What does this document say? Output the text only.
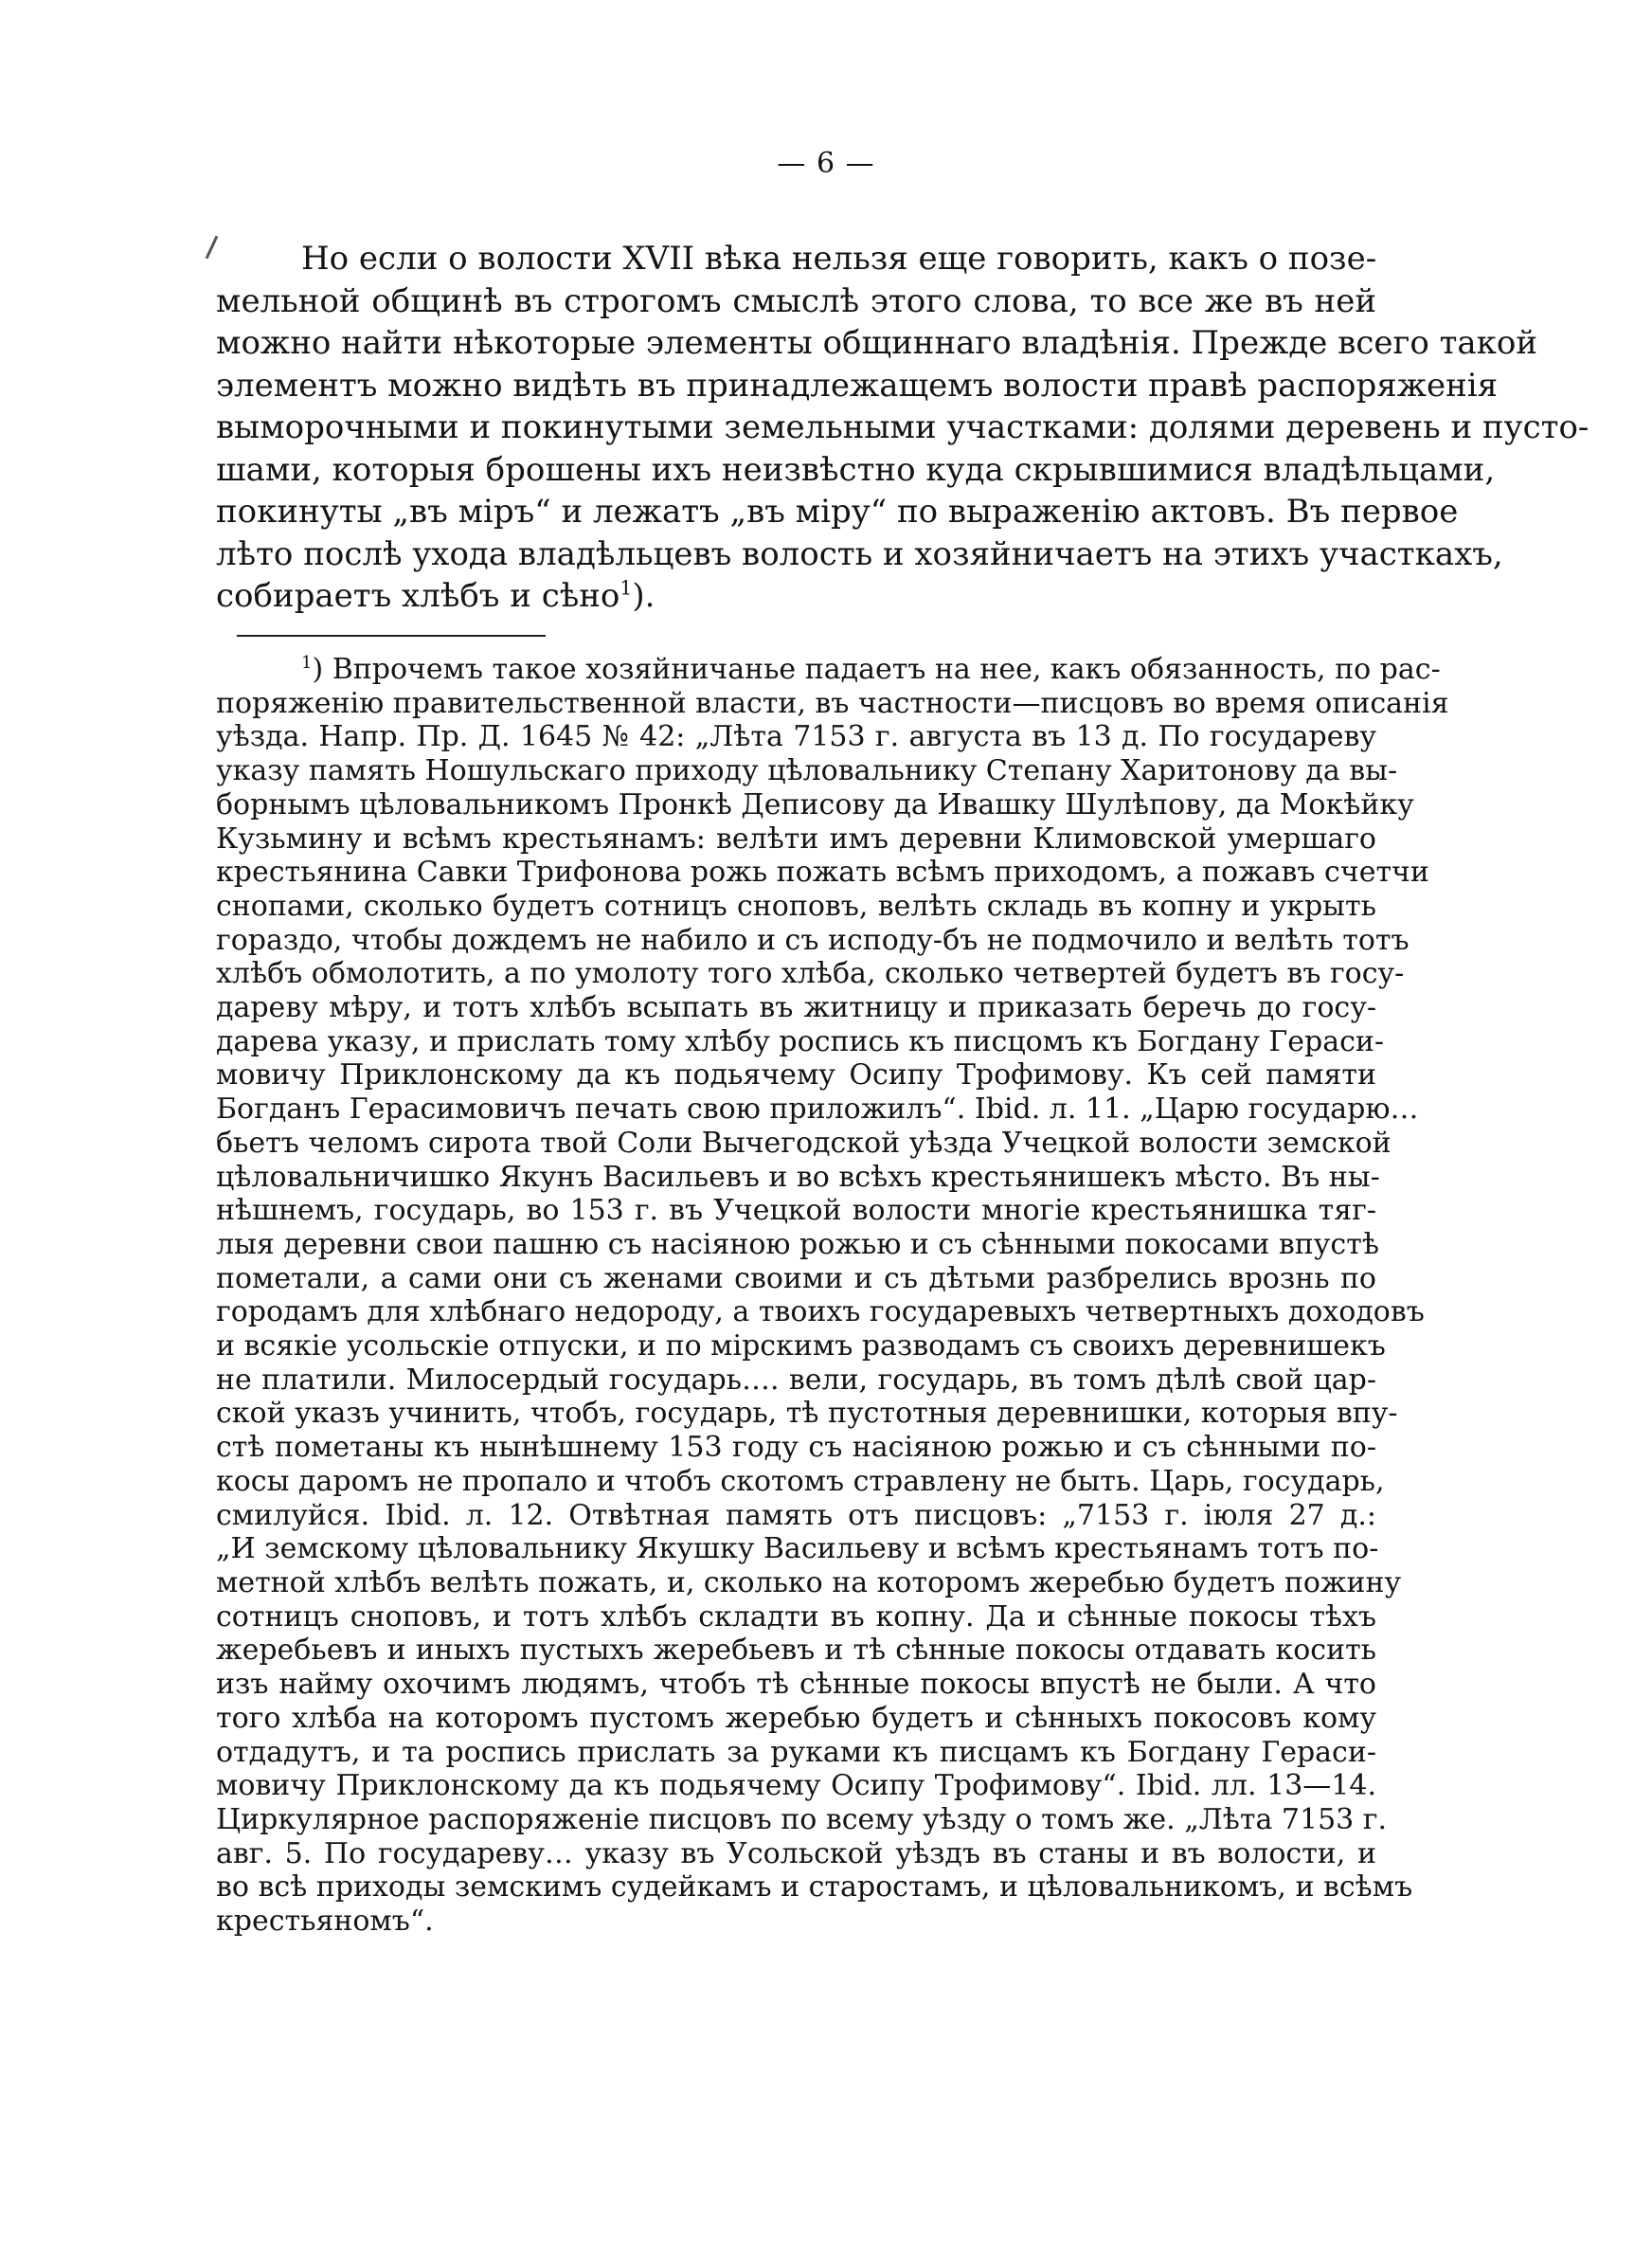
— 6 —
Но если о волости XVII вѣка нельзя еще говорить, какъ о позе-
мельной общинѣ въ строгомъ смыслѣ этого слова, то все же въ ней
можно найти нѣкоторые элементы общиннаго владѣнія. Прежде всего такой
элементъ можно видѣть въ принадлежащемъ волости правѣ распоряженія
выморочными и покинутыми земельными участками: долями деревень и пусто-
шами, которыя брошены ихъ неизвѣстно куда скрывшимися владѣльцами,
покинуты „въ міръ“ и лежатъ „въ міру“ по выраженію актовъ. Въ первое
лѣто послѣ ухода владѣльцевъ волость и хозяйничаетъ на этихъ участкахъ,
собираетъ хлѣбъ и сѣно$^1$).
$^1$) Впрочемъ такое хозяйничанье падаетъ на нее, какъ обязанность, по рас-
поряженію правительственной власти, въ частности—писцовъ во время описанія
уѣзда. Напр. Пр. Д. 1645 № 42: „Лѣта 7153 г. августа въ 13 д. По государеву
указу память Ношульскаго приходу цѣловальнику Степану Харитонову да вы-
борнымъ цѣловальникомъ Пронкѣ Деписову да Ивашку Шулѣпову, да Мокѣйку
Кузьмину и всѣмъ крестьянамъ: велѣти имъ деревни Климовской умершаго
крестьянина Савки Трифонова рожь пожать всѣмъ приходомъ, а пожавъ счетчи
снопами, сколько будетъ сотницъ сноповъ, велѣть складь въ копну и укрыть
гораздо, чтобы дождемъ не набило и съ исподу-бъ не подмочило и велѣть тотъ
хлѣбъ обмолотить, а по умолоту того хлѣба, сколько четвертей будетъ въ госу-
дареву мѣру, и тотъ хлѣбъ всыпать въ житницу и приказать беречь до госу-
дарева указу, и прислать тому хлѣбу роспись къ писцомъ къ Богдану Гераси-
мовичу Приклонскому да къ подьячему Осипу Трофимову. Къ сей памяти
Богданъ Герасимовичъ печать свою приложилъ“. Ibid. л. 11. „Царю государю…
бьетъ челомъ сирота твой Соли Вычегодской уѣзда Учецкой волости земской
цѣловальничишко Якунъ Васильевъ и во всѣхъ крестьянишекъ мѣсто. Въ ны-
нѣшнемъ, государь, во 153 г. въ Учецкой волости многіе крестьянишка тяг-
лыя деревни свои пашню съ насіяною рожью и съ сѣнными покосами впустѣ
пометали, а сами они съ женами своими и съ дѣтьми разбрелись врознь по
городамъ для хлѣбнаго недороду, а твоихъ государевыхъ четвертныхъ доходовъ
и всякіе усольскіе отпуски, и по мірскимъ разводамъ съ своихъ деревнишекъ
не платили. Милосердый государь…. вели, государь, въ томъ дѣлѣ свой цар-
ской указъ учинить, чтобъ, государь, тѣ пустотныя деревнишки, которыя впу-
стѣ пометаны къ нынѣшнему 153 году съ насіяною рожью и съ сѣнными по-
косы даромъ не пропало и чтобъ скотомъ стравлену не быть. Царь, государь,
смилуйся. Ibid. л. 12. Отвѣтная память отъ писцовъ: „7153 г. іюля 27 д.:
„И земскому цѣловальнику Якушку Васильеву и всѣмъ крестьянамъ тотъ по-
метной хлѣбъ велѣть пожать, и, сколько на которомъ жеребью будетъ пожину
сотницъ сноповъ, и тотъ хлѣбъ складти въ копну. Да и сѣнные покосы тѣхъ
жеребьевъ и иныхъ пустыхъ жеребьевъ и тѣ сѣнные покосы отдавать косить
изъ найму охочимъ людямъ, чтобъ тѣ сѣнные покосы впустѣ не были. А что
того хлѣба на которомъ пустомъ жеребью будетъ и сѣнныхъ покосовъ кому
отдадутъ, и та роспись прислать за руками къ писцамъ къ Богдану Гераси-
мовичу Приклонскому да къ подьячему Осипу Трофимову“. Ibid. лл. 13—14.
Циркулярное распоряженіе писцовъ по всему уѣзду о томъ же. „Лѣта 7153 г.
авг. 5. По государеву… указу въ Усольской уѣздъ въ станы и въ волости, и
во всѣ приходы земскимъ судейкамъ и старостамъ, и цѣловальникомъ, и всѣмъ
крестьяномъ“.
